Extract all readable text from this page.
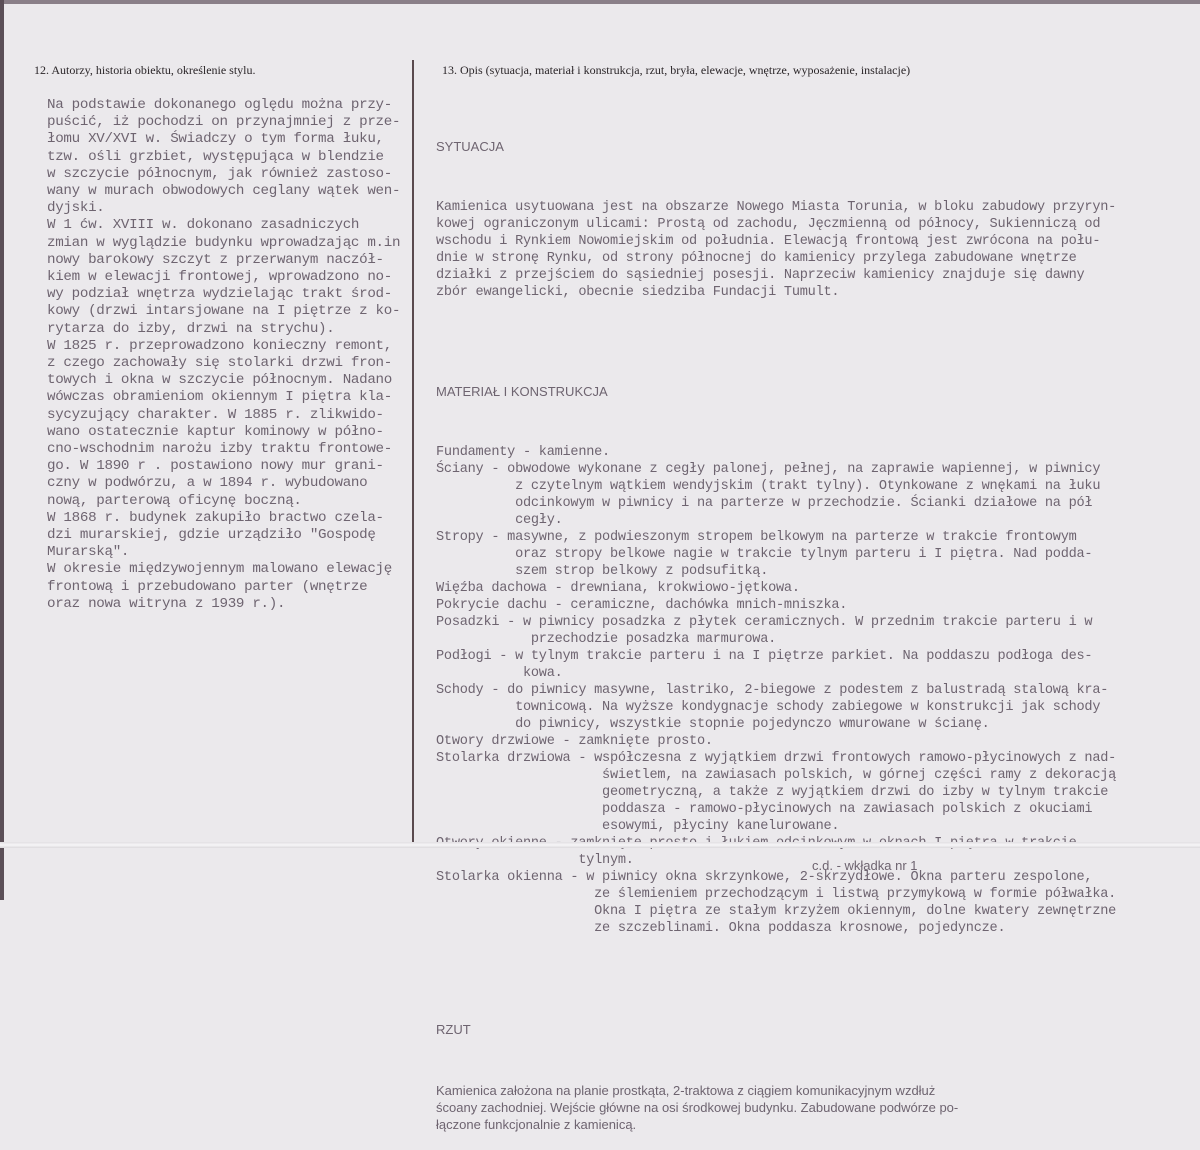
12. Autorzy, historia obiektu, określenie stylu.	13. Opis (sytuacja, materiał i konstrukcja, rzut, bryła, elewacje, wnętrze, wyposażenie, instalacje)
Na podstawie dokonanego oględu można przy-
puścić, iż pochodzi on przynajmniej z prze-
łomu XV/XVI w. Świadczy o tym forma łuku,
tzw. ośli grzbiet, występująca w blendzie
w szczycie północnym, jak również zastoso-
wany w murach obwodowych ceglany wątek wen-
dyjski.
W 1 ćw. XVIII w. dokonano zasadniczych
zmian w wyglądzie budynku wprowadzając m.in
nowy barokowy szczyt z przerwanym naczół-
kiem w elewacji frontowej, wprowadzono no-
wy podział wnętrza wydzielając trakt środ-
kowy (drzwi intarsjowane na I piętrze z ko-
rytarza do izby, drzwi na strychu).
W 1825 r. przeprowadzono konieczny remont,
z czego zachowały się stolarki drzwi fron-
towych i okna w szczycie północnym. Nadano
wówczas obramieniom okiennym I piętra kla-
sycyzujący charakter. W 1885 r. zlikwido-
wano ostatecznie kaptur kominowy w półno-
cno-wschodnim narożu izby traktu frontowe-
go. W 1890 r . postawiono nowy mur grani-
czny w podwórzu, a w 1894 r. wybudowano
nową, parterową oficynę boczną.
W 1868 r. budynek zakupiło bractwo czela-
dzi murarskiej, gdzie urządziło "Gospodę
Murarską".
W okresie międzywojennym malowano elewację
frontową i przebudowano parter (wnętrze
oraz nowa witryna z 1939 r.).

SYTUACJA

Kamienica usytuowana jest na obszarze Nowego Miasta Torunia, w bloku zabudowy przyryn-
kowej ograniczonym ulicami: Prostą od zachodu, Jęczmienną od północy, Sukienniczą od
wschodu i Rynkiem Nowomiejskim od południa. Elewacją frontową jest zwrócona na połu-
dnie w stronę Rynku, od strony północnej do kamienicy przylega zabudowane wnętrze
działki z przejściem do sąsiedniej posesji. Naprzeciw kamienicy znajduje się dawny
zbór ewangelicki, obecnie siedziba Fundacji Tumult.

MATERIAŁ I KONSTRUKCJA

Fundamenty - kamienne.
Ściany - obwodowe wykonane z cegły palonej, pełnej, na zaprawie wapiennej, w piwnicy
z czytelnym wątkiem wendyjskim (trakt tylny). Otynkowane z wnękami na łuku
odcinkowym w piwnicy i na parterze w przechodzie. Ścianki działowe na pół
cegły.
Stropy - masywne, z podwieszonym stropem belkowym na parterze w trakcie frontowym
oraz stropy belkowe nagie w trakcie tylnym parteru i I piętra. Nad podda-
szem strop belkowy z podsufitką.
Więźba dachowa - drewniana, krokwiowo-jętkowa.
Pokrycie dachu - ceramiczne, dachówka mnich-mniszka.
Posadzki - w piwnicy posadzka z płytek ceramicznych. W przednim trakcie parteru i w
przechodzie posadzka marmurowa.
Podłogi - w tylnym trakcie parteru i na I piętrze parkiet. Na poddaszu podłoga des-
kowa.
Schody - do piwnicy masywne, lastriko, 2-biegowe z podestem z balustradą stalową kra-
townicową. Na wyższe kondygnacje schody zabiegowe w konstrukcji jak schody
do piwnicy, wszystkie stopnie pojedynczo wmurowane w ścianę.
Otwory drzwiowe - zamknięte prosto.
Stolarka drzwiowa - współczesna z wyjątkiem drzwi frontowych ramowo-płycinowych z nad-
świetlem, na zawiasach polskich, w górnej części ramy z dekoracją
geometryczną, a także z wyjątkiem drzwi do izby w tylnym trakcie
poddasza - ramowo-płycinowych na zawiasach polskich z okuciami
esowymi, płyciny kanelurowane.
tylnym.
Stolarka okienna - w piwnicy okna skrzynkowe, 2-skrzydłowe. Okna parteru zespolone,
ze ślemieniem przechodzącym i listwą przymykową w formie półwałka.
Okna I piętra ze stałym krzyżem okiennym, dolne kwatery zewnętrzne
ze szczeblinami. Okna poddasza krosnowe, pojedyncze.

RZUT

Kamienica założona na planie prostkąta, 2-traktowa z ciągiem komunikacyjnym wzdłuż
ścoany zachodniej. Wejście główne na osi środkowej budynku. Zabudowane podwórze po-
łączone funkcjonalnie z kamienicą.

c.d. - wkładka nr 1
